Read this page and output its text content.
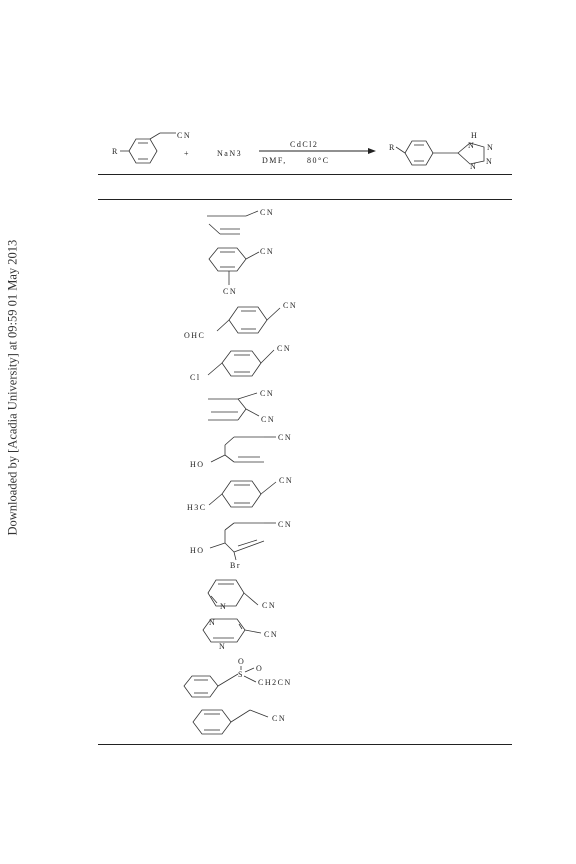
Downloaded by [Acadia University] at 09:59 01 May 2013
R
CN
+	NaN3
CdCl2
DMF,	80°C
R
H
N N
N
N
CN
CN
CN
CN
OHC
CN
Cl
CN
CN
CN
HO
CN
H3C
CN
HO
Br
CN
N
CN
N
N
O
S
O
CH2CN
CN
